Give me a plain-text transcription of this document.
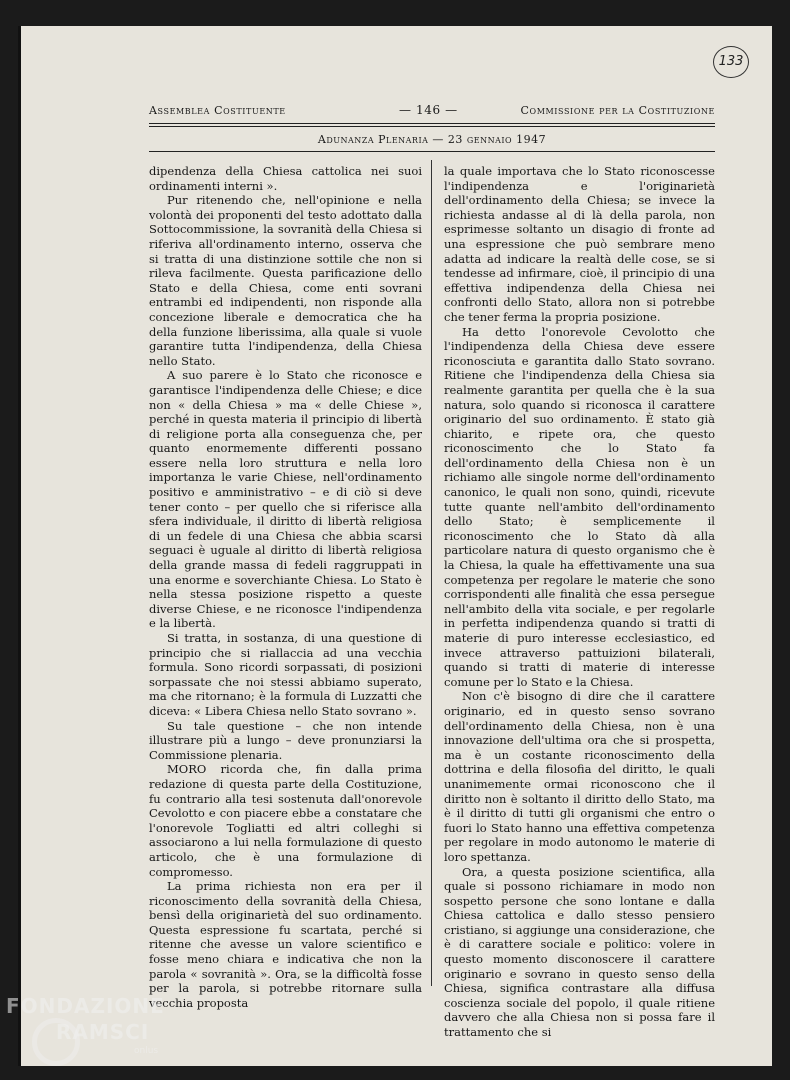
133
Assemblea Costituente	— 146 —	Commissione per la Costituzione
Adunanza Plenaria — 23 gennaio 1947

dipendenza della Chiesa cattolica nei suoi ordinamenti interni ».

Pur ritenendo che, nell'opinione e nella volontà dei proponenti del testo adottato dalla Sottocommissione, la sovranità della Chiesa si riferiva all'ordinamento interno, osserva che si tratta di una distinzione sottile che non si rileva facilmente. Questa parificazione dello Stato e della Chiesa, come enti sovrani entrambi ed indipendenti, non risponde alla concezione liberale e democratica che ha della funzione liberissima, alla quale si vuole garantire tutta l'indipendenza, della Chiesa nello Stato.

A suo parere è lo Stato che riconosce e garantisce l'indipendenza delle Chiese; e dice non « della Chiesa » ma « delle Chiese », perché in questa materia il principio di libertà di religione porta alla conseguenza che, per quanto enormemente differenti possano essere nella loro struttura e nella loro importanza le varie Chiese, nell'ordinamento positivo e amministrativo – e di ciò si deve tener conto – per quello che si riferisce alla sfera individuale, il diritto di libertà religiosa di un fedele di una Chiesa che abbia scarsi seguaci è uguale al diritto di libertà religiosa della grande massa di fedeli raggruppati in una enorme e soverchiante Chiesa. Lo Stato è nella stessa posizione rispetto a queste diverse Chiese, e ne riconosce l'indipendenza e la libertà.

Si tratta, in sostanza, di una questione di principio che si riallaccia ad una vecchia formula. Sono ricordi sorpassati, di posizioni sorpassate che noi stessi abbiamo superato, ma che ritornano; è la formula di Luzzatti che diceva: « Libera Chiesa nello Stato sovrano ».

Su tale questione – che non intende illustrare più a lungo – deve pronunziarsi la Commissione plenaria.

MORO ricorda che, fin dalla prima redazione di questa parte della Costituzione, fu contrario alla tesi sostenuta dall'onorevole Cevolotto e con piacere ebbe a constatare che l'onorevole Togliatti ed altri colleghi si associarono a lui nella formulazione di questo articolo, che è una formulazione di compromesso.

La prima richiesta non era per il riconoscimento della sovranità della Chiesa, bensì della originarietà del suo ordinamento. Questa espressione fu scartata, perché si ritenne che avesse un valore scientifico e fosse meno chiara e indicativa che non la parola « sovranità ». Ora, se la difficoltà fosse per la parola, si potrebbe ritornare sulla vecchia proposta

la quale importava che lo Stato riconoscesse l'indipendenza e l'originarietà dell'ordinamento della Chiesa; se invece la richiesta andasse al di là della parola, non esprimesse soltanto un disagio di fronte ad una espressione che può sembrare meno adatta ad indicare la realtà delle cose, se si tendesse ad infirmare, cioè, il principio di una effettiva indipendenza della Chiesa nei confronti dello Stato, allora non si potrebbe che tener ferma la propria posizione.

Ha detto l'onorevole Cevolotto che l'indipendenza della Chiesa deve essere riconosciuta e garantita dallo Stato sovrano. Ritiene che l'indipendenza della Chiesa sia realmente garantita per quella che è la sua natura, solo quando si riconosca il carattere originario del suo ordinamento. È stato già chiarito, e ripete ora, che questo riconoscimento che lo Stato fa dell'ordinamento della Chiesa non è un richiamo alle singole norme dell'ordinamento canonico, le quali non sono, quindi, ricevute tutte quante nell'ambito dell'ordinamento dello Stato; è semplicemente il riconoscimento che lo Stato dà alla particolare natura di questo organismo che è la Chiesa, la quale ha effettivamente una sua competenza per regolare le materie che sono corrispondenti alle finalità che essa persegue nell'ambito della vita sociale, e per regolarle in perfetta indipendenza quando si tratti di materie di puro interesse ecclesiastico, ed invece attraverso pattuizioni bilaterali, quando si tratti di materie di interesse comune per lo Stato e la Chiesa.

Non c'è bisogno di dire che il carattere originario, ed in questo senso sovrano dell'ordinamento della Chiesa, non è una innovazione dell'ultima ora che si prospetta, ma è un costante riconoscimento della dottrina e della filosofia del diritto, le quali unanimemente ormai riconoscono che il diritto non è soltanto il diritto dello Stato, ma è il diritto di tutti gli organismi che entro o fuori lo Stato hanno una effettiva competenza per regolare in modo autonomo le materie di loro spettanza.

Ora, a questa posizione scientifica, alla quale si possono richiamare in modo non sospetto persone che sono lontane e dalla Chiesa cattolica e dallo stesso pensiero cristiano, si aggiunge una considerazione, che è di carattere sociale e politico: volere in questo momento disconoscere il carattere originario e sovrano in questo senso della Chiesa, significa contrastare alla diffusa coscienza sociale del popolo, il quale ritiene davvero che alla Chiesa non si possa fare il trattamento che si

FONDAZIONE
RAMSCI
onlus
